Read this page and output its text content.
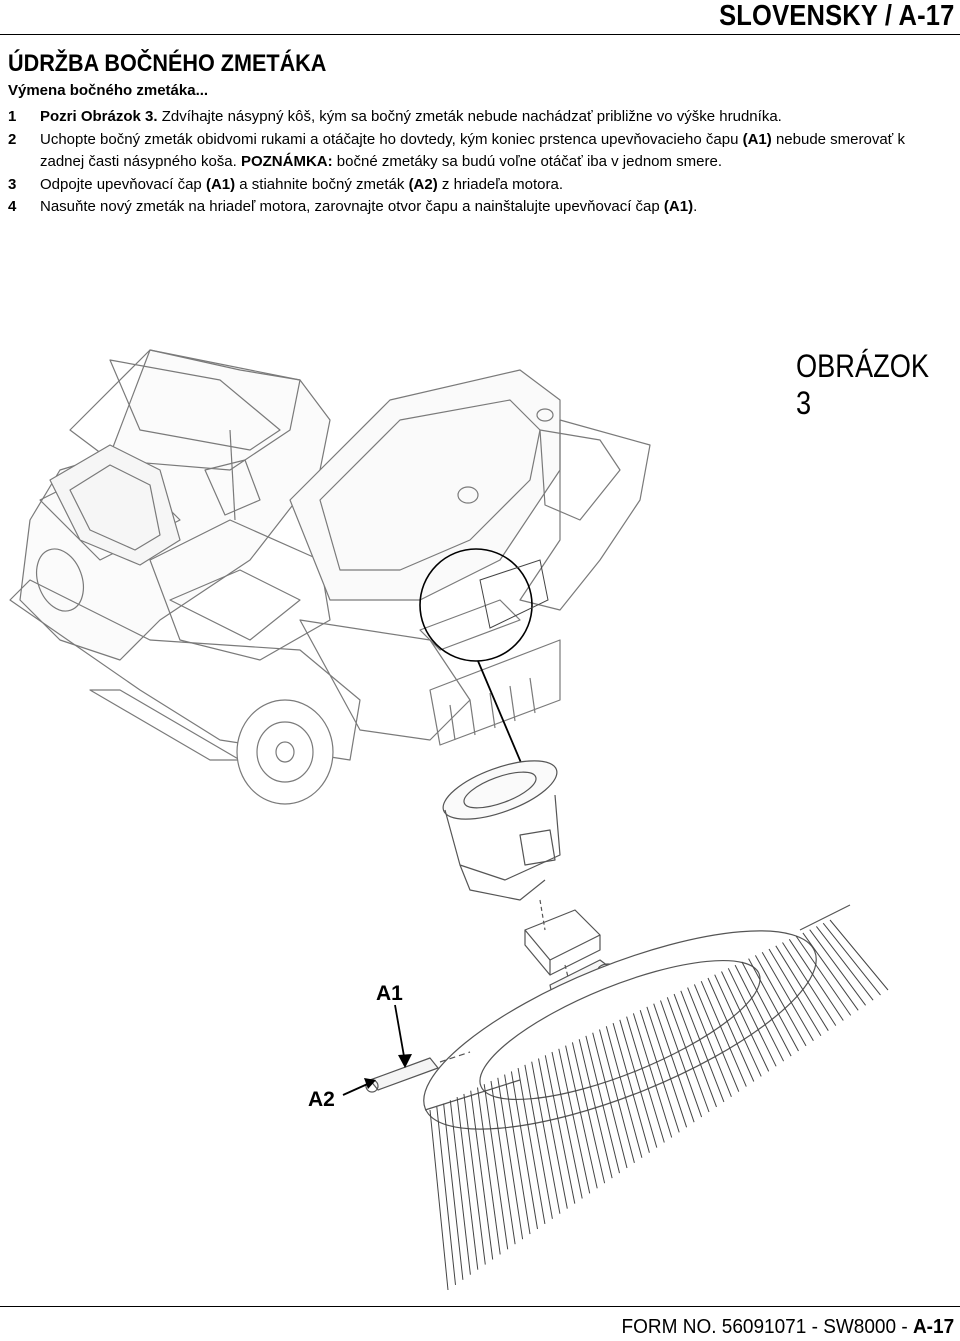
SLOVENSKY / A-17
ÚDRŽBA BOČNÉHO ZMETÁKA
Výmena bočného zmetáka...
1 Pozri Obrázok 3. Zdvíhajte násypný kôš, kým sa bočný zmeták nebude nachádzať približne vo výške hrudníka.
2 Uchopte bočný zmeták obidvomi rukami a otáčajte ho dovtedy, kým koniec prstenca upevňovacieho čapu (A1) nebude smerovať k zadnej časti násypného koša. POZNÁMKA: bočné zmetáky sa budú voľne otáčať iba v jednom smere.
3 Odpojte upevňovací čap (A1) a stiahnite bočný zmeták (A2) z hriadeľa motora.
4 Nasuňte nový zmeták na hriadeľ motora, zarovnajte otvor čapu a nainštalujte upevňovací čap (A1).
OBRÁZOK 3
A1
A2
FORM NO. 56091071 - SW8000 - A-17
